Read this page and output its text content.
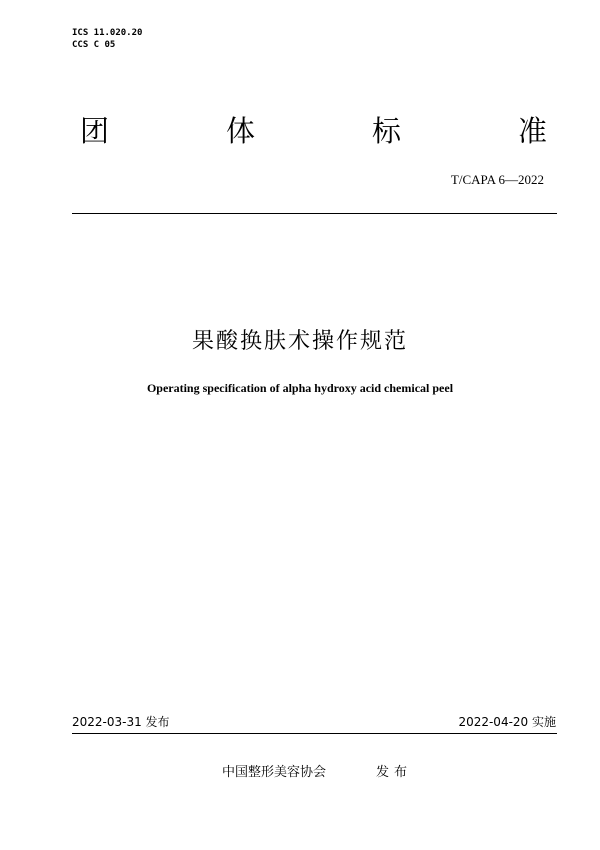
ICS 11.020.20
CCS C 05
团	体	标	准
T/CAPA 6—2022
果酸换肤术操作规范
Operating specification of alpha hydroxy acid chemical peel
2022-03-31 发布	2022-04-20 实施
中国整形美容协会	发布
